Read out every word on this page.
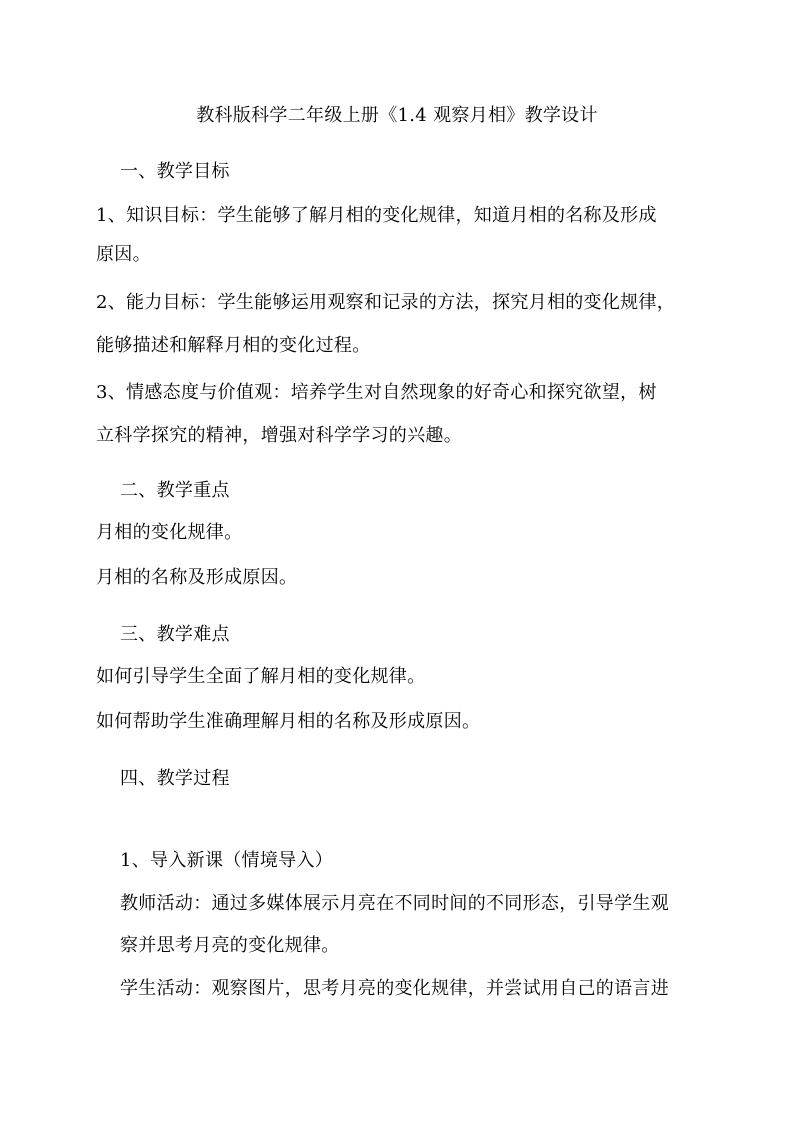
教科版科学二年级上册《1.4 观察月相》教学设计
一、教学目标
1、知识目标：学生能够了解月相的变化规律，知道月相的名称及形成
原因。
2、能力目标：学生能够运用观察和记录的方法，探究月相的变化规律，
能够描述和解释月相的变化过程。
3、情感态度与价值观：培养学生对自然现象的好奇心和探究欲望，树
立科学探究的精神，增强对科学学习的兴趣。
二、教学重点
月相的变化规律。
月相的名称及形成原因。
三、教学难点
如何引导学生全面了解月相的变化规律。
如何帮助学生准确理解月相的名称及形成原因。
四、教学过程
1、导入新课（情境导入）
教师活动：通过多媒体展示月亮在不同时间的不同形态，引导学生观
察并思考月亮的变化规律。
学生活动：观察图片，思考月亮的变化规律，并尝试用自己的语言进
